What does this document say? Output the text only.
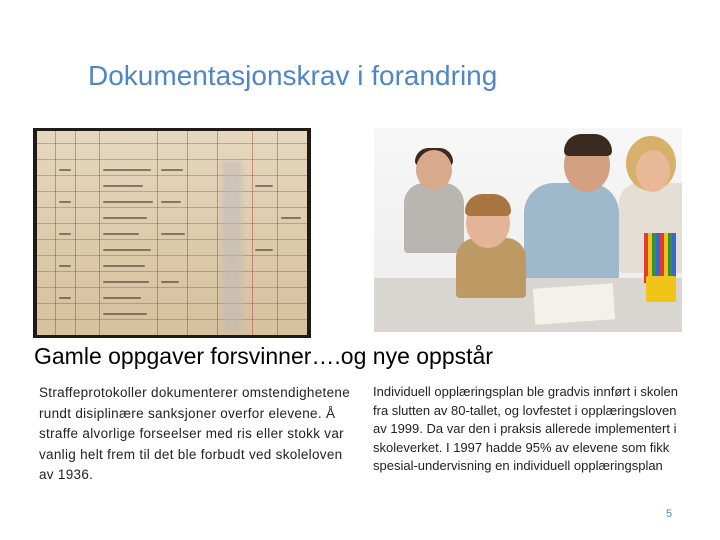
Dokumentasjonskrav i forandring
Gamle oppgaver forsvinner….og nye oppstår
Straffeprotokoller dokumenterer omstendighetene rundt disiplinære sanksjoner overfor elevene. Å straffe alvorlige forseelser med ris eller stokk var vanlig helt frem til det ble forbudt ved skoleloven av 1936.
Individuell opplæringsplan ble gradvis innført i skolen fra slutten av 80-tallet, og lovfestet i opplæringsloven av 1999. Da var den i praksis allerede implementert i skoleverket. I 1997 hadde 95% av elevene som fikk spesial-undervisning en individuell opplæringsplan
5
